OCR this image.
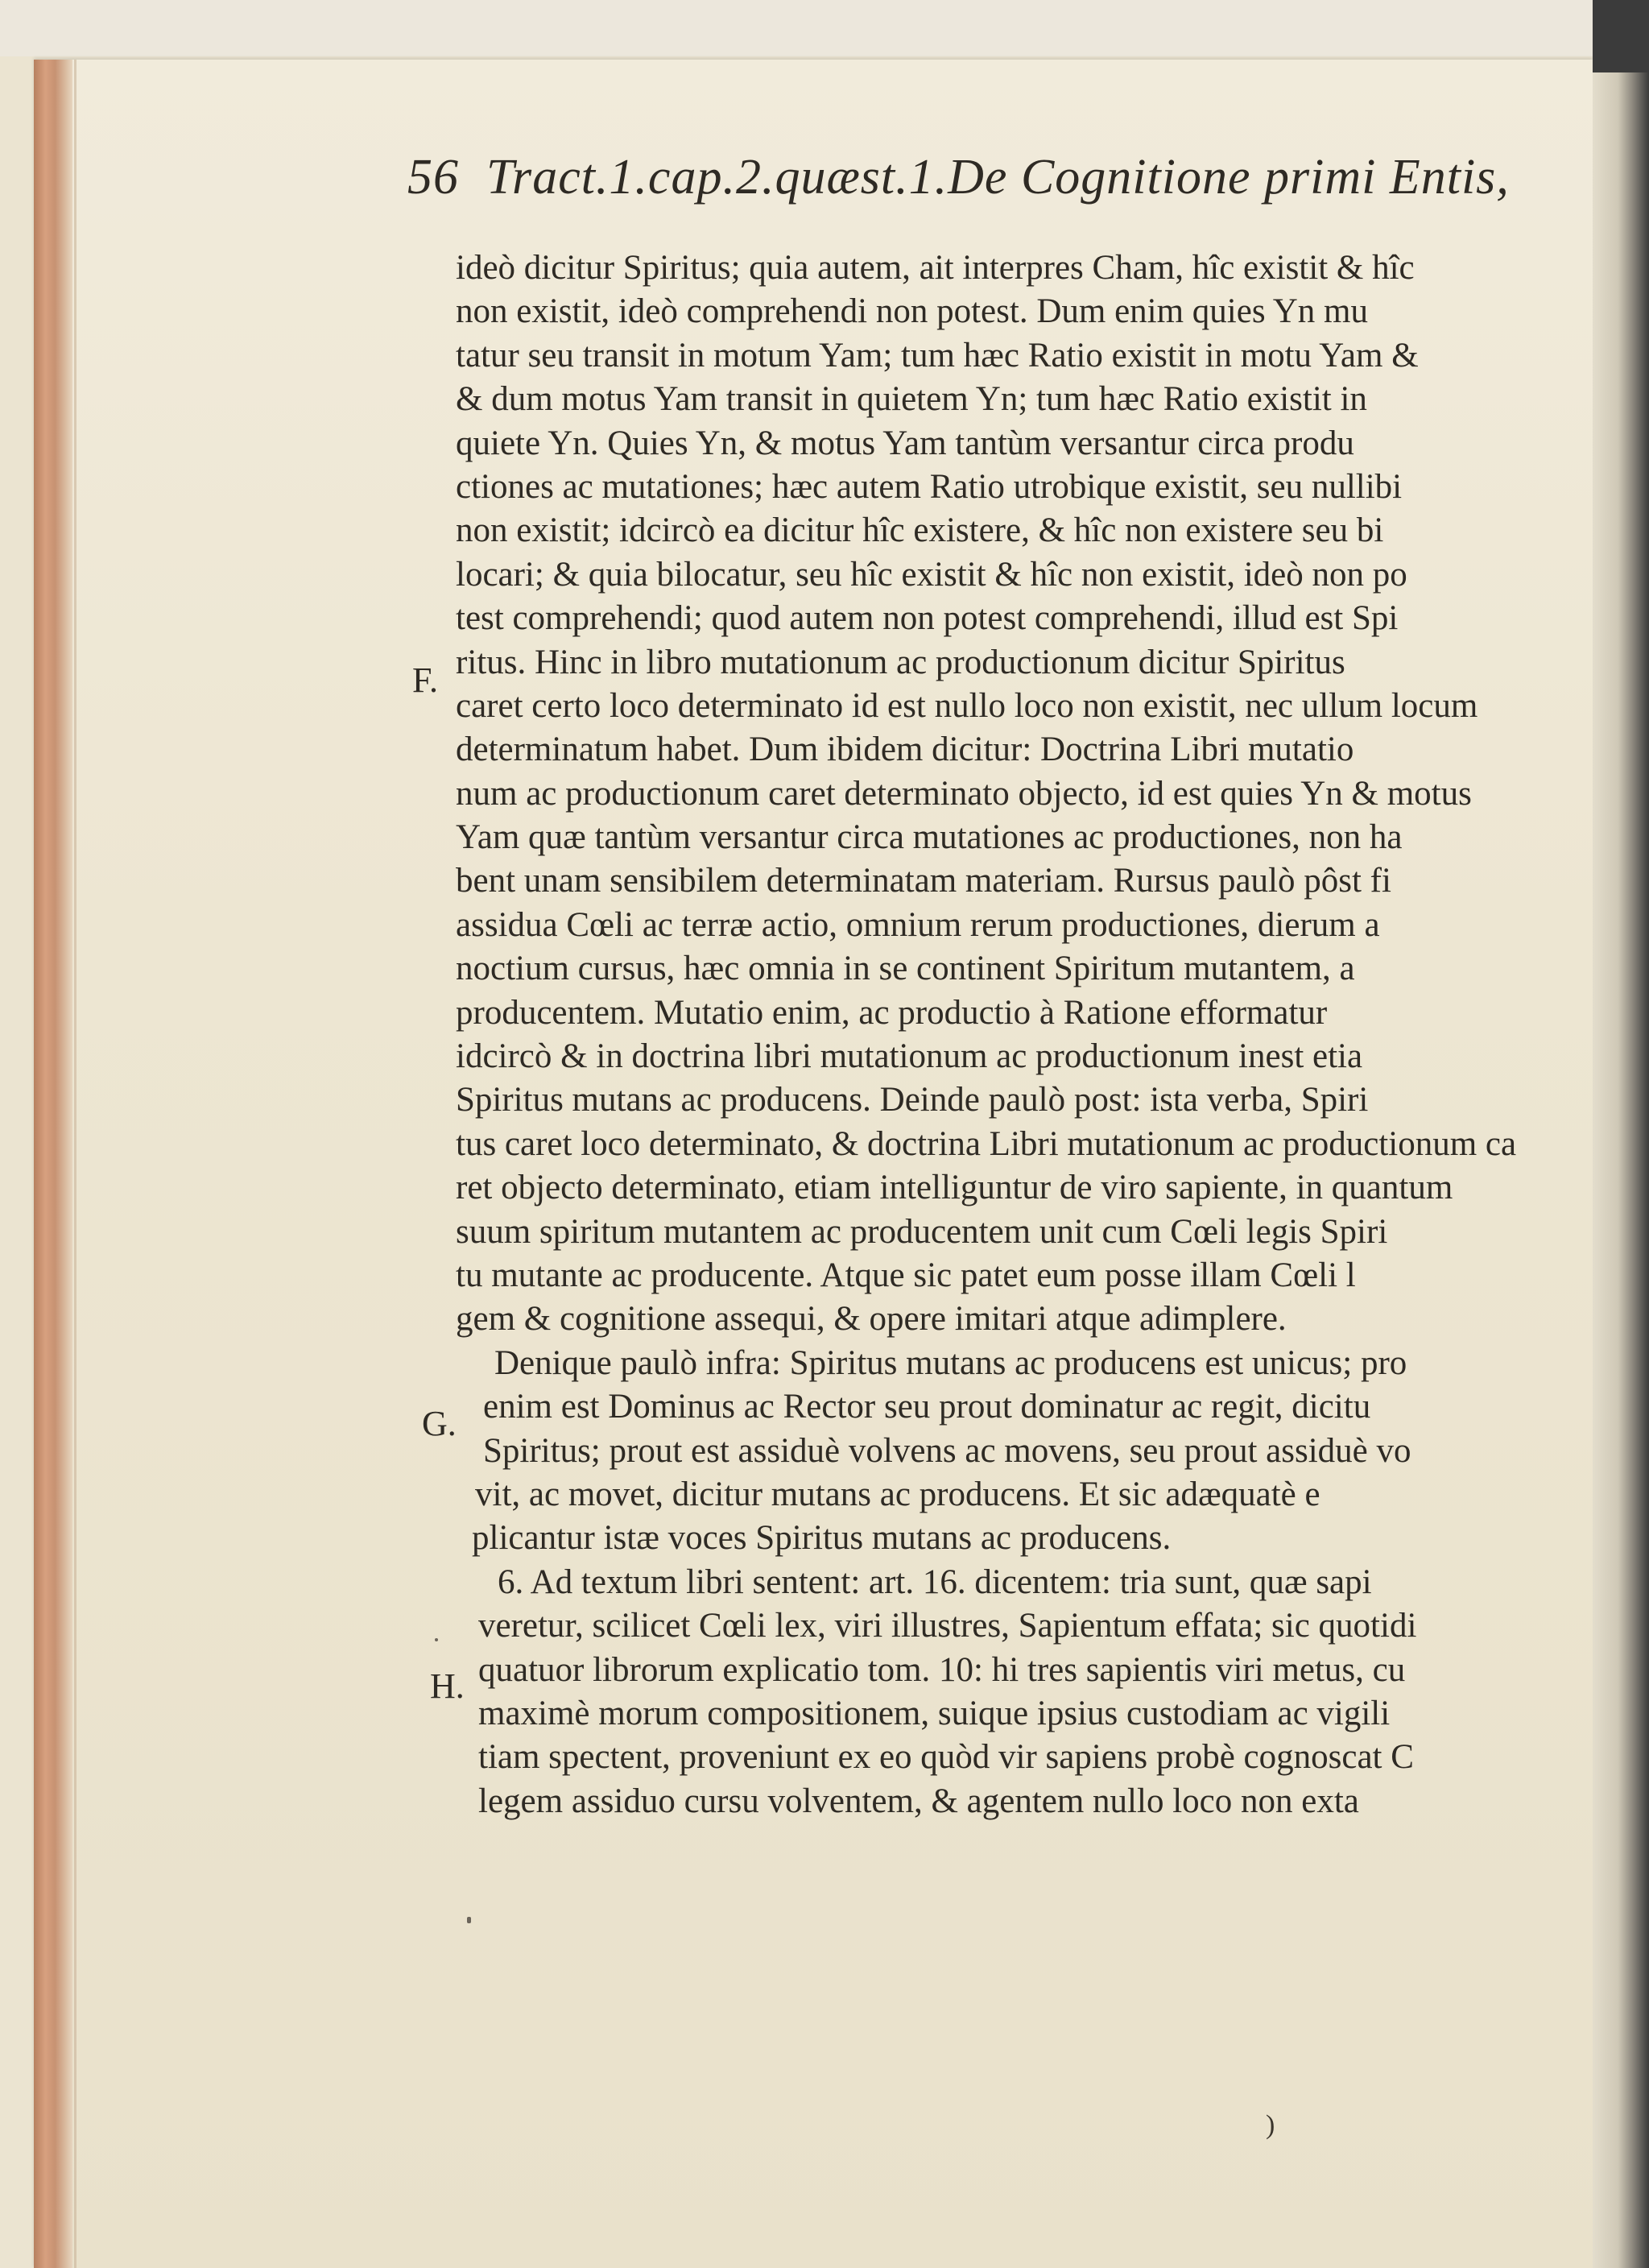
56 Tract.1.cap.2.quæst.1.De Cognitione primi Entis,
ideò dicitur Spiritus; quia autem, ait interpres Cham, hîc existit & hîc
non existit, ideò comprehendi non potest. Dum enim quies Yn mu
tatur seu transit in motum Yam; tum hæc Ratio existit in motu Yam &
& dum motus Yam transit in quietem Yn; tum hæc Ratio existit in
quiete Yn. Quies Yn, & motus Yam tantùm versantur circa produ
ctiones ac mutationes; hæc autem Ratio utrobique existit, seu nullibi
non existit; idcircò ea dicitur hîc existere, & hîc non existere seu bi
locari; & quia bilocatur, seu hîc existit & hîc non existit, ideò non po
test comprehendi; quod autem non potest comprehendi, illud est Spi
ritus. Hinc in libro mutationum ac productionum dicitur Spiritus
caret certo loco determinato id est nullo loco non existit, nec ullum locum
determinatum habet. Dum ibidem dicitur: Doctrina Libri mutatio
num ac productionum caret determinato objecto, id est quies Yn & motus
Yam quæ tantùm versantur circa mutationes ac productiones, non ha
bent unam sensibilem determinatam materiam. Rursus paulò pôst fi
assidua Cœli ac terræ actio, omnium rerum productiones, dierum a
noctium cursus, hæc omnia in se continent Spiritum mutantem, a
producentem. Mutatio enim, ac productio à Ratione efformatur
idcircò & in doctrina libri mutationum ac productionum inest etia
Spiritus mutans ac producens. Deinde paulò post: ista verba, Spiri
tus caret loco determinato, & doctrina Libri mutationum ac productionum ca
ret objecto determinato, etiam intelliguntur de viro sapiente, in quantum
suum spiritum mutantem ac producentem unit cum Cœli legis Spiri
tu mutante ac producente. Atque sic patet eum posse illam Cœli l
gem & cognitione assequi, & opere imitari atque adimplere.
Denique paulò infra: Spiritus mutans ac producens est unicus; pro
enim est Dominus ac Rector seu prout dominatur ac regit, dicitu
Spiritus; prout est assiduè volvens ac movens, seu prout assiduè vo
vit, ac movet, dicitur mutans ac producens. Et sic adæquatè e
plicantur istæ voces Spiritus mutans ac producens.
6. Ad textum libri sentent: art. 16. dicentem: tria sunt, quæ sapi
veretur, scilicet Cœli lex, viri illustres, Sapientum effata; sic quotidi
quatuor librorum explicatio tom. 10: hi tres sapientis viri metus, cu
maximè morum compositionem, suique ipsius custodiam ac vigili
tiam spectent, proveniunt ex eo quòd vir sapiens probè cognoscat C
legem assiduo cursu volventem, & agentem nullo loco non exta
F.
G.
H.
)
